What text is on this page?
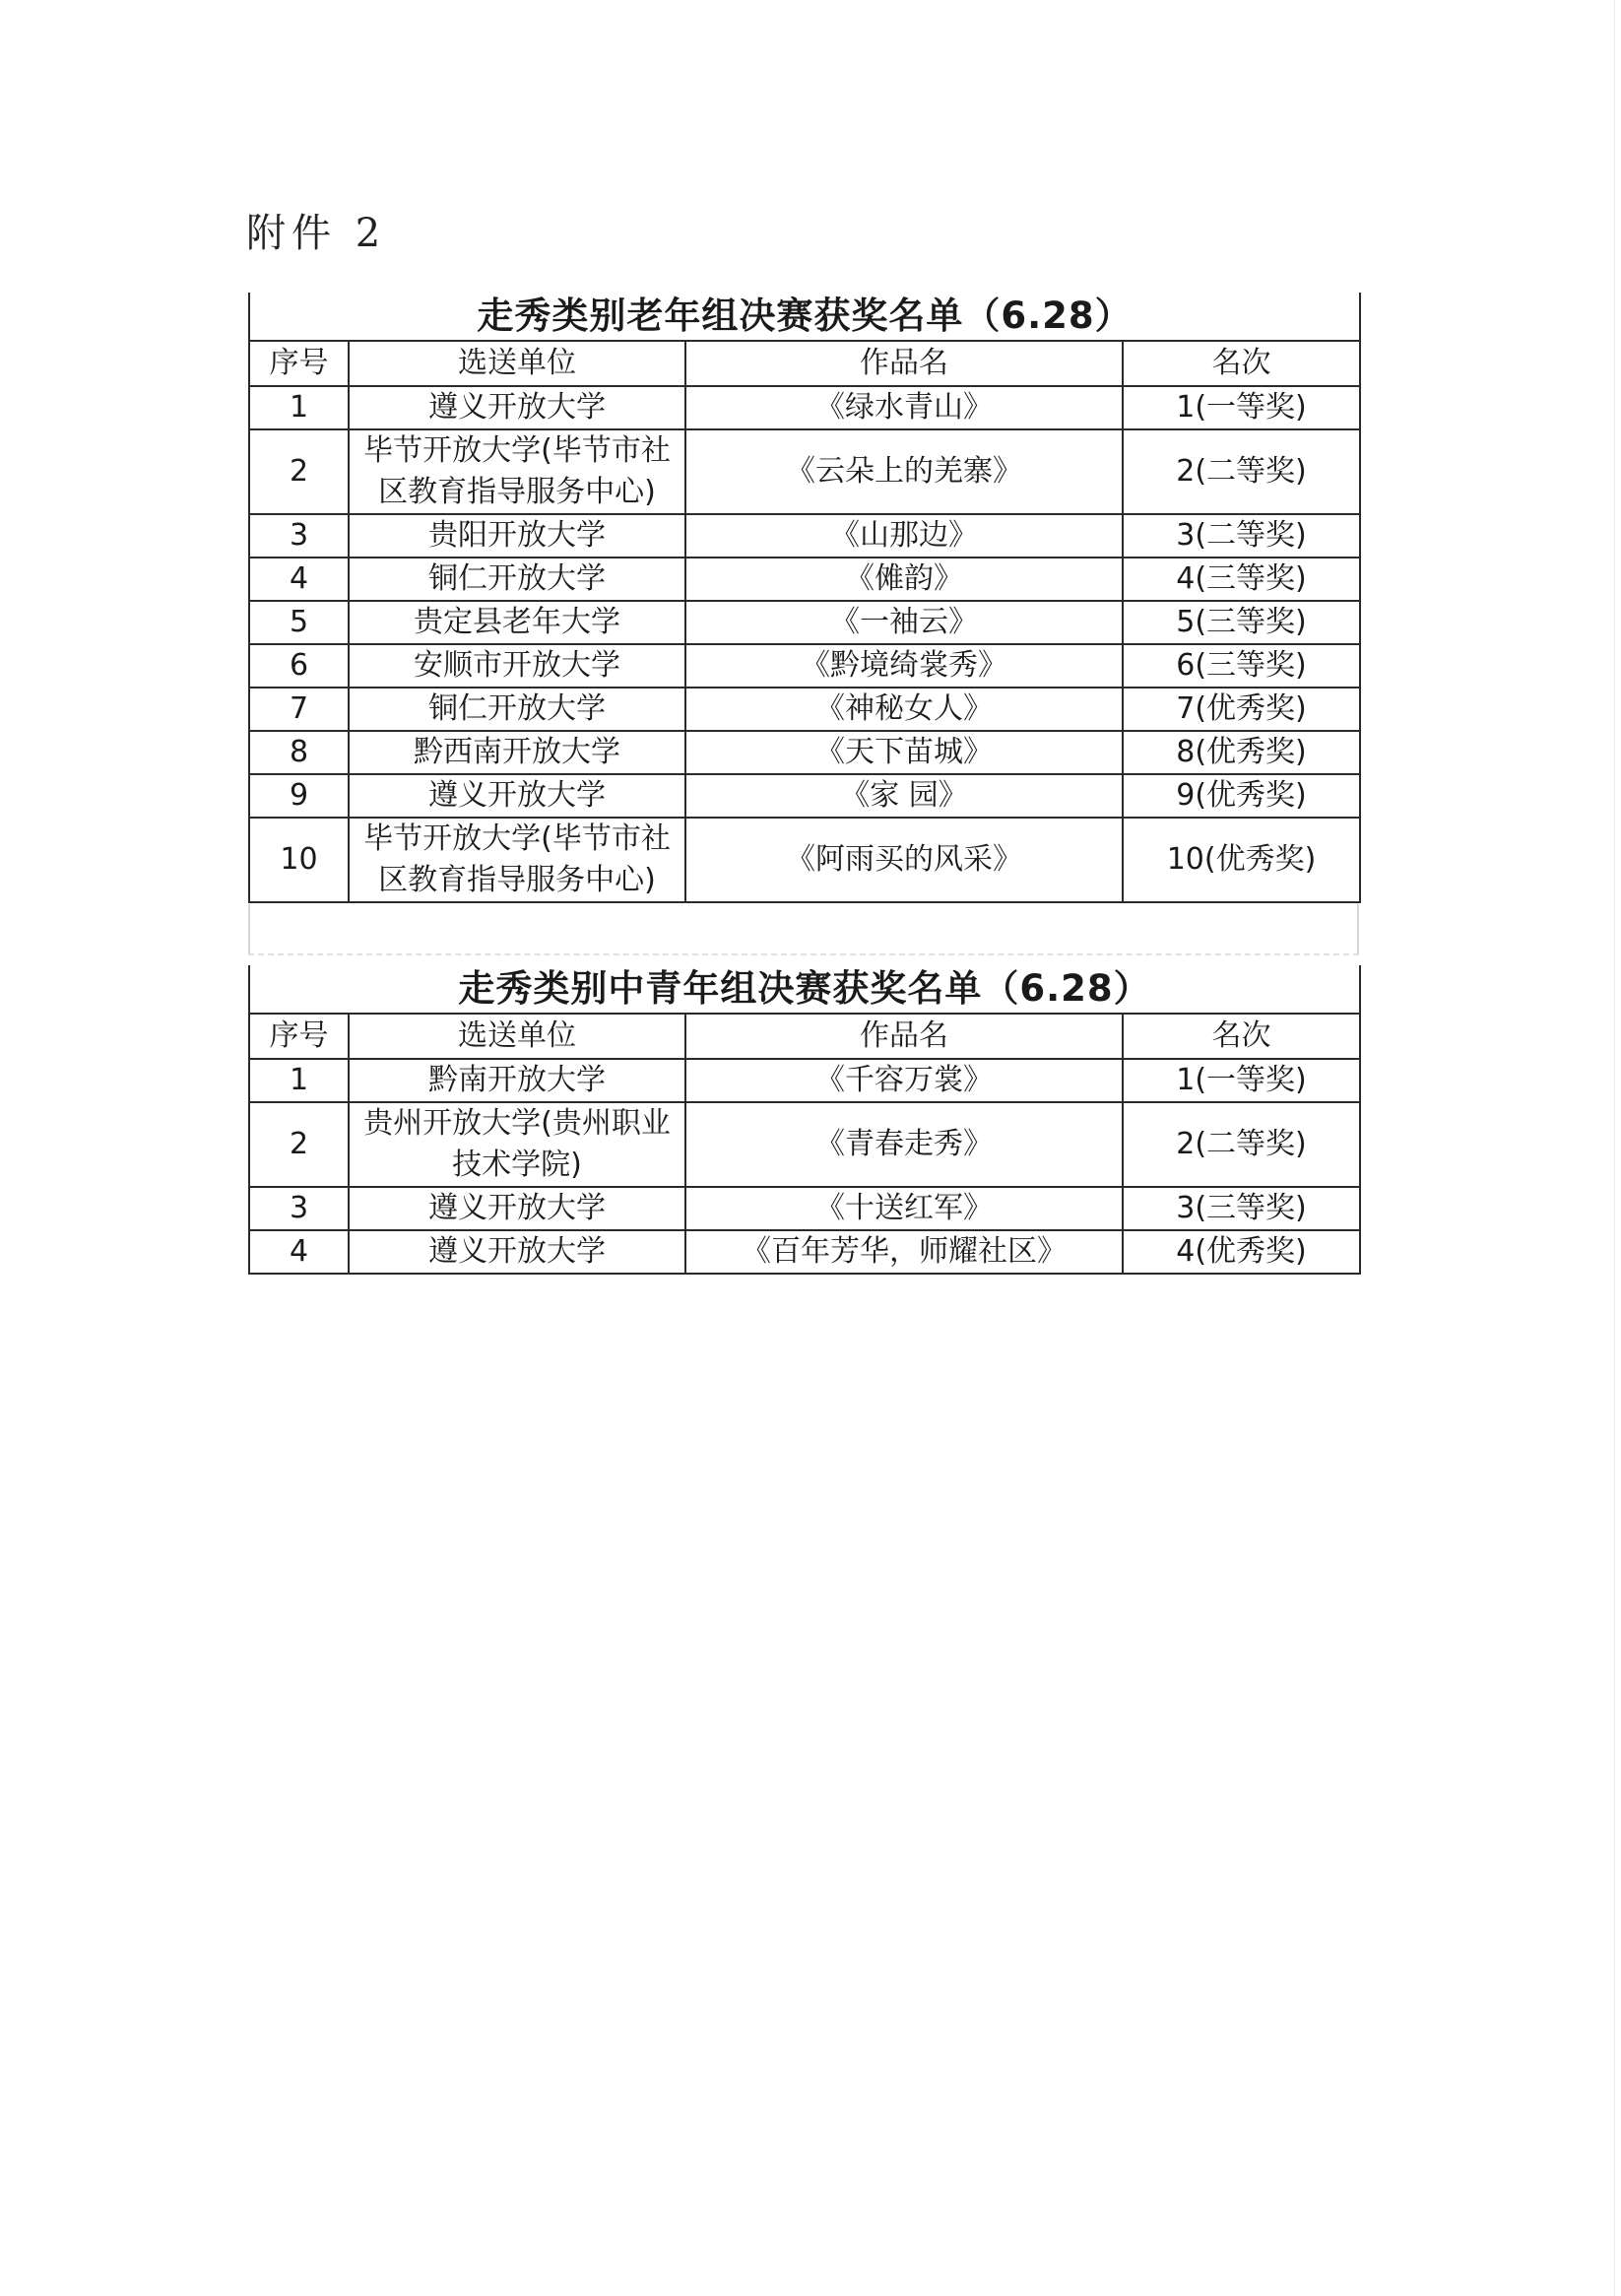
附件 2
走秀类别老年组决赛获奖名单（6.28）			
序号	选送单位	作品名	名次
1	遵义开放大学	《绿水青山》	1(一等奖)
2	毕节开放大学(毕节市社区教育指导服务中心)	《云朵上的羌寨》	2(二等奖)
3	贵阳开放大学	《山那边》	3(二等奖)
4	铜仁开放大学	《傩韵》	4(三等奖)
5	贵定县老年大学	《一袖云》	5(三等奖)
6	安顺市开放大学	《黔境绮裳秀》	6(三等奖)
7	铜仁开放大学	《神秘女人》	7(优秀奖)
8	黔西南开放大学	《天下苗城》	8(优秀奖)
9	遵义开放大学	《家 园》	9(优秀奖)
10	毕节开放大学(毕节市社区教育指导服务中心)	《阿雨买的风采》	10(优秀奖)
走秀类别中青年组决赛获奖名单（6.28）			
序号	选送单位	作品名	名次
1	黔南开放大学	《千容万裳》	1(一等奖)
2	贵州开放大学(贵州职业技术学院)	《青春走秀》	2(二等奖)
3	遵义开放大学	《十送红军》	3(三等奖)
4	遵义开放大学	《百年芳华，师耀社区》	4(优秀奖)
